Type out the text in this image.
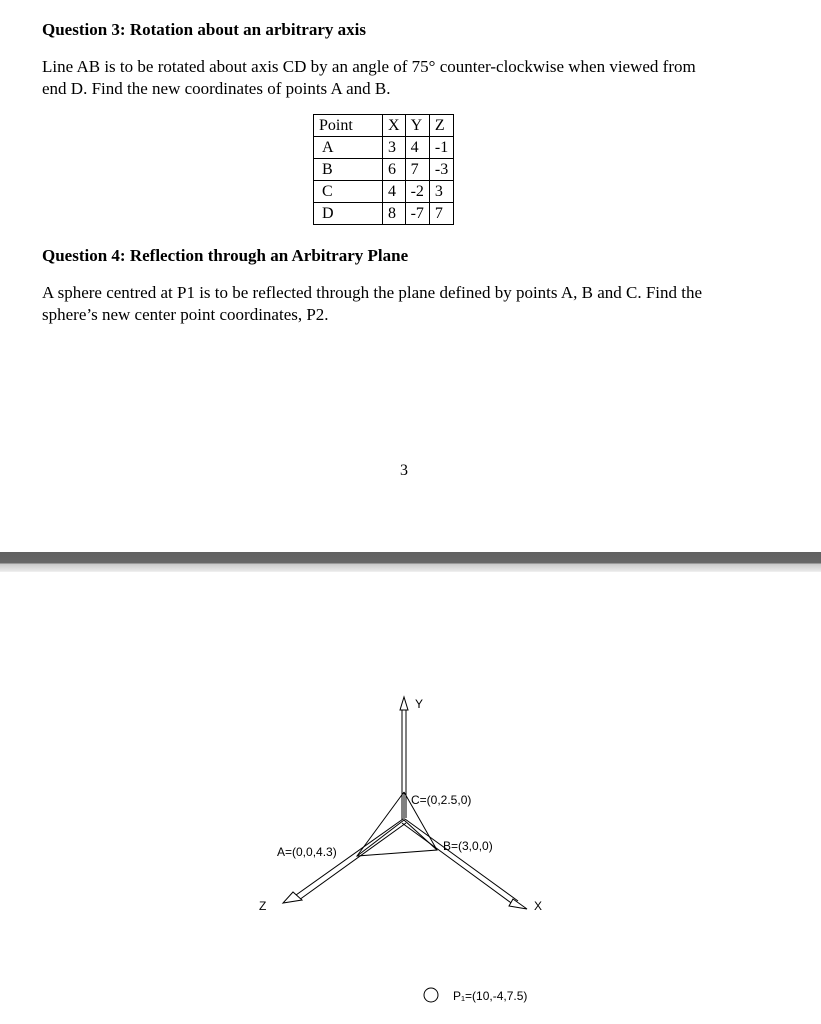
Question 3: Rotation about an arbitrary axis
Line AB is to be rotated about axis CD by an angle of 75° counter-clockwise when viewed from
end D. Find the new coordinates of points A and B.
Point	X	Y	Z
A	3	4	-1
B	6	7	-3
C	4	-2	3
D	8	-7	7
Question 4: Reflection through an Arbitrary Plane
A sphere centred at P1 is to be reflected through the plane defined by points A, B and C. Find the
sphere’s new center point coordinates, P2.
3
Y
X
Z
C=(0,2.5,0)
A=(0,0,4.3)	B=(3,0,0)
P₁=(10,-4,7.5)
